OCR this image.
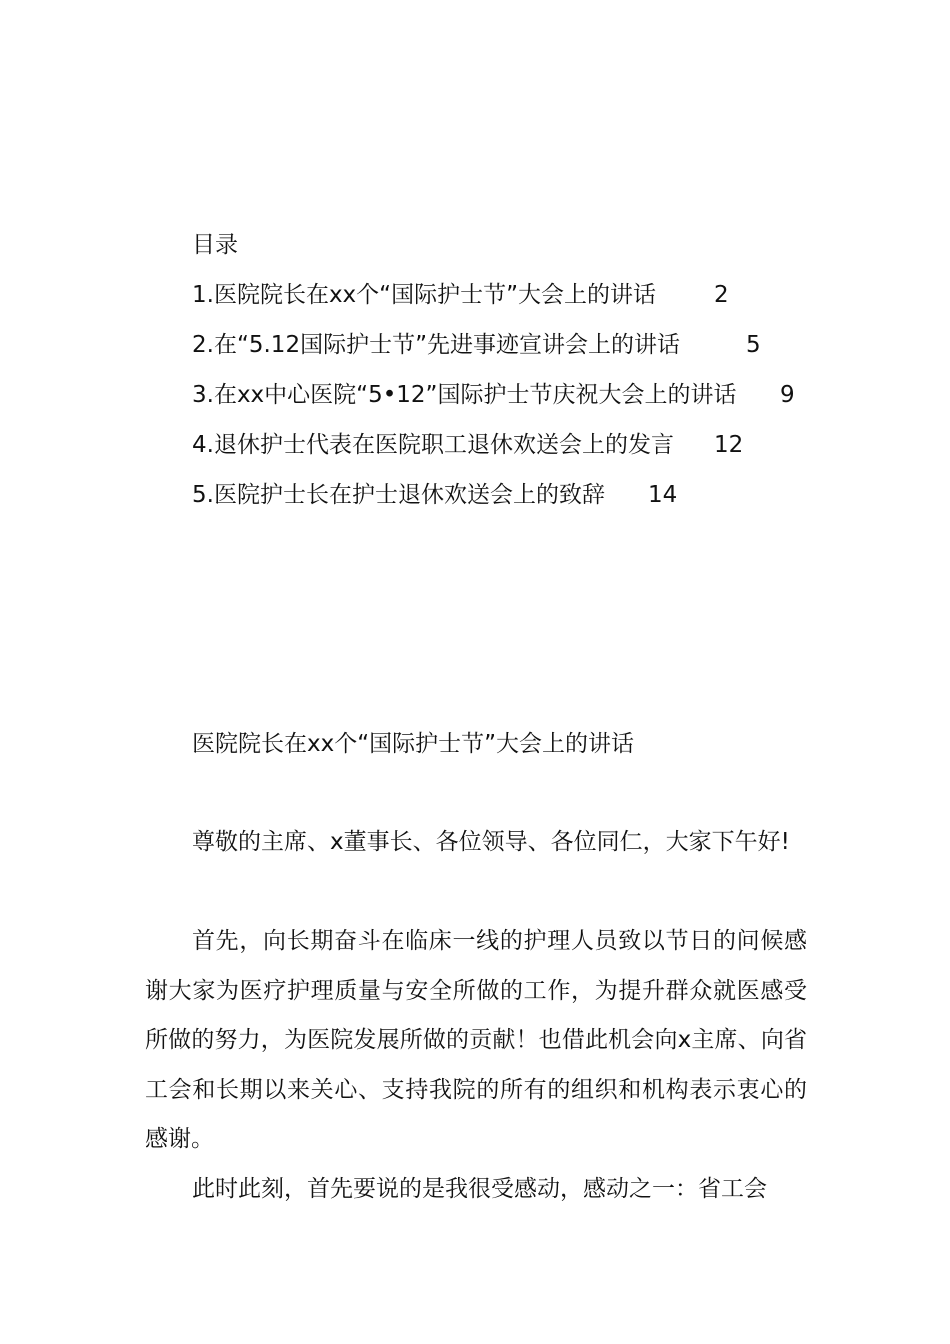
目录
1.医院院长在xx个“国际护士节”大会上的讲话	2
2.在“5.12国际护士节”先进事迹宣讲会上的讲话	5
3.在xx中心医院“5•12”国际护士节庆祝大会上的讲话 9
4.退休护士代表在医院职工退休欢送会上的发言 12
5.医院护士长在护士退休欢送会上的致辞 14
医院院长在xx个“国际护士节”大会上的讲话
尊敬的主席、x董事长、各位领导、各位同仁，大家下午好!
首先，向长期奋斗在临床一线的护理人员致以节日的问候感谢大家为医疗护理质量与安全所做的工作，为提升群众就医感受所做的努力，为医院发展所做的贡献！也借此机会向x主席、向省工会和长期以来关心、支持我院的所有的组织和机构表示衷心的感谢。
此时此刻，首先要说的是我很受感动，感动之一：省工会
